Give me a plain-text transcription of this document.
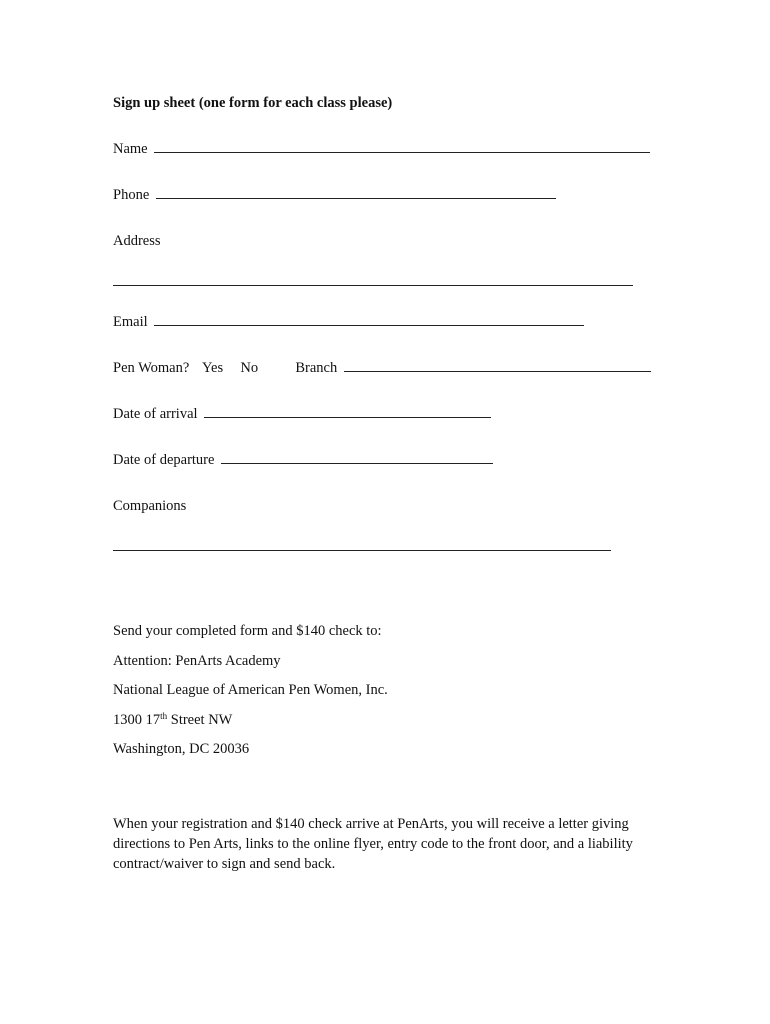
Sign up sheet (one form for each class please)
Name
Phone
Address
Email
Pen Woman? Yes No	Branch
Date of arrival
Date of departure
Companions
Send your completed form and $140 check to:
Attention: PenArts Academy
National League of American Pen Women, Inc.
1300 17th Street NW
Washington, DC 20036
When your registration and $140 check arrive at PenArts, you will receive a letter giving directions to Pen Arts, links to the online flyer, entry code to the front door, and a liability contract/waiver to sign and send back.
